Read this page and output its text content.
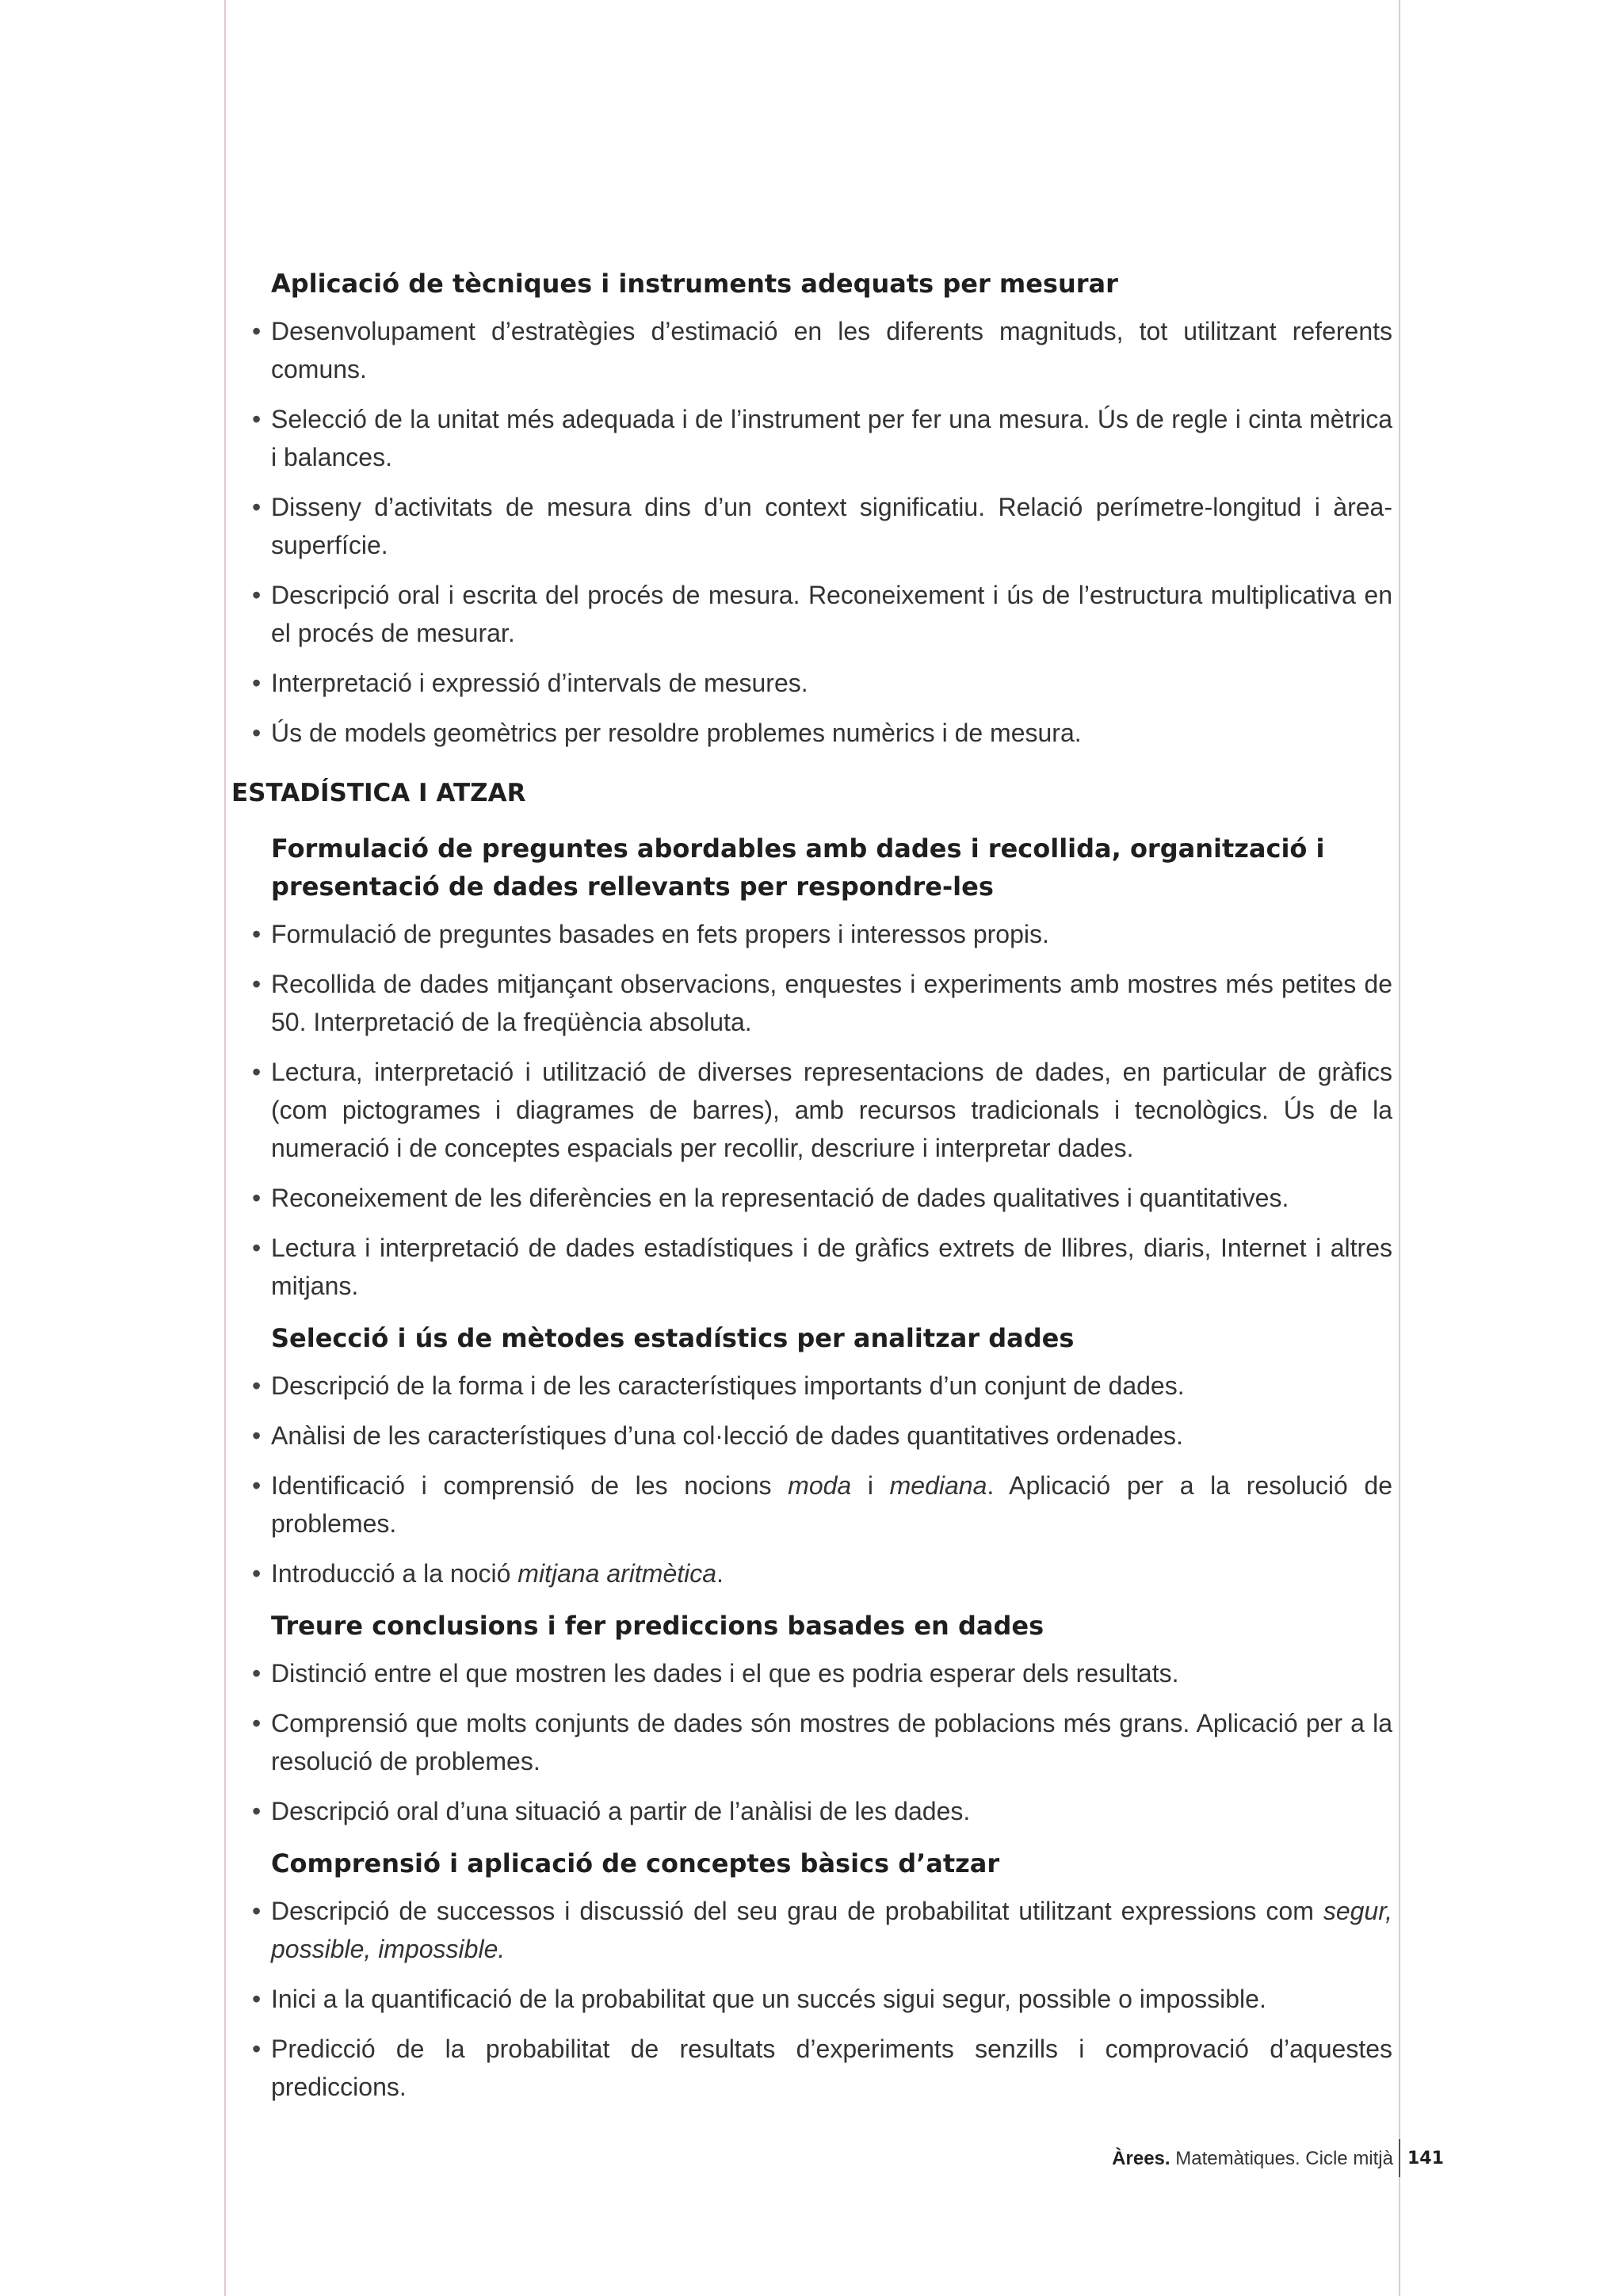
Aplicació de tècniques i instruments adequats per mesurar
• Desenvolupament d’estratègies d’estimació en les diferents magnituds, tot utilitzant referents comuns.
• Selecció de la unitat més adequada i de l’instrument per fer una mesura. Ús de regle i cinta mètrica i balances.
• Disseny d’activitats de mesura dins d’un context significatiu. Relació perímetre-longitud i àrea-superfície.
• Descripció oral i escrita del procés de mesura. Reconeixement i ús de l’estructura multiplicativa en el procés de mesurar.
• Interpretació i expressió d’intervals de mesures.
• Ús de models geomètrics per resoldre problemes numèrics i de mesura.
ESTADÍSTICA I ATZAR
Formulació de preguntes abordables amb dades i recollida, organització i presentació de dades rellevants per respondre-les
• Formulació de preguntes basades en fets propers i interessos propis.
• Recollida de dades mitjançant observacions, enquestes i experiments amb mostres més petites de 50. Interpretació de la freqüència absoluta.
• Lectura, interpretació i utilització de diverses representacions de dades, en particular de gràfics (com pictogrames i diagrames de barres), amb recursos tradicionals i tecnològics. Ús de la numeració i de conceptes espacials per recollir, descriure i interpretar dades.
• Reconeixement de les diferències en la representació de dades qualitatives i quantitatives.
• Lectura i interpretació de dades estadístiques i de gràfics extrets de llibres, diaris, Internet i altres mitjans.
Selecció i ús de mètodes estadístics per analitzar dades
• Descripció de la forma i de les característiques importants d’un conjunt de dades.
• Anàlisi de les característiques d’una col·lecció de dades quantitatives ordenades.
• Identificació i comprensió de les nocions moda i mediana. Aplicació per a la resolució de problemes.
• Introducció a la noció mitjana aritmètica.
Treure conclusions i fer prediccions basades en dades
• Distinció entre el que mostren les dades i el que es podria esperar dels resultats.
• Comprensió que molts conjunts de dades són mostres de poblacions més grans. Aplicació per a la resolució de problemes.
• Descripció oral d’una situació a partir de l’anàlisi de les dades.
Comprensió i aplicació de conceptes bàsics d’atzar
• Descripció de successos i discussió del seu grau de probabilitat utilitzant expressions com segur, possible, impossible.
• Inici a la quantificació de la probabilitat que un succés sigui segur, possible o impossible.
• Predicció de la probabilitat de resultats d’experiments senzills i comprovació d’aquestes prediccions.
Àrees. Matemàtiques. Cicle mitjà 141
